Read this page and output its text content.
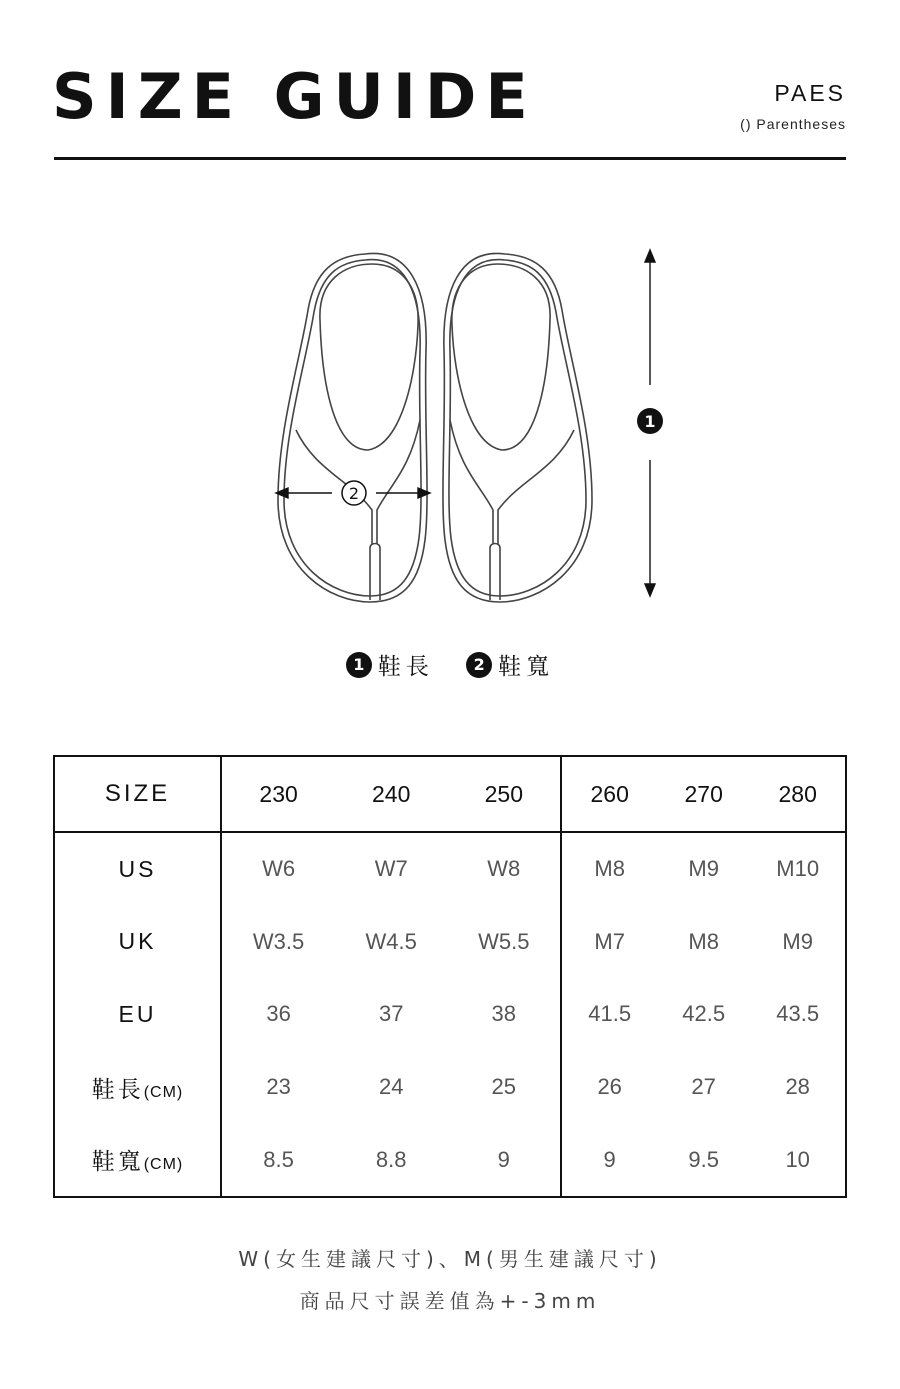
SIZE GUIDE	PAES
() Parentheses
2
1
1 鞋長 2 鞋寬
SIZE	230	240	250	260	270	280
US	W6	W7	W8	M8	M9	M10
UK	W3.5	W4.5	W5.5	M7	M8	M9
EU	36	37	38	41.5	42.5	43.5
鞋長(CM)	23	24	25	26	27	28
鞋寬(CM)	8.5	8.8	9	9	9.5	10
W(女生建議尺寸)、M(男生建議尺寸)
商品尺寸誤差值為+-3mm
